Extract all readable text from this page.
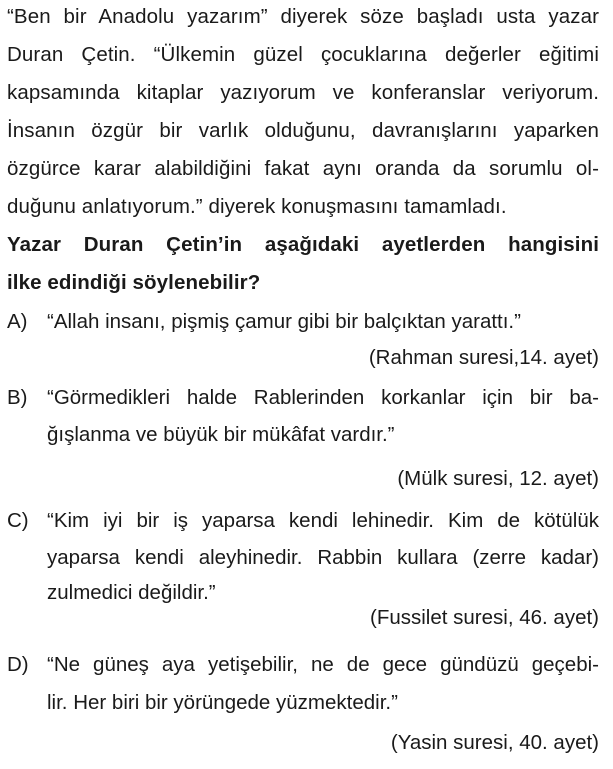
“Ben bir Anadolu yazarım” diyerek söze başladı usta yazar
Duran Çetin. “Ülkemin güzel çocuklarına değerler eğitimi
kapsamında kitaplar yazıyorum ve konferanslar veriyorum.
İnsanın özgür bir varlık olduğunu, davranışlarını yaparken
özgürce karar alabildiğini fakat aynı oranda da sorumlu ol-
duğunu anlatıyorum.” diyerek konuşmasını tamamladı.
Yazar Duran Çetin’in aşağıdaki ayetlerden hangisini
ilke edindiği söylenebilir?
A) “Allah insanı, pişmiş çamur gibi bir balçıktan yarattı.”
(Rahman suresi,14. ayet)
B) “Görmedikleri halde Rablerinden korkanlar için bir ba-
ğışlanma ve büyük bir mükâfat vardır.”
(Mülk suresi, 12. ayet)
C) “Kim iyi bir iş yaparsa kendi lehinedir. Kim de kötülük
yaparsa kendi aleyhinedir. Rabbin kullara (zerre kadar)
zulmedici değildir.”
(Fussilet suresi, 46. ayet)
D) “Ne güneş aya yetişebilir, ne de gece gündüzü geçebi-
lir. Her biri bir yörüngede yüzmektedir.”
(Yasin suresi, 40. ayet)
